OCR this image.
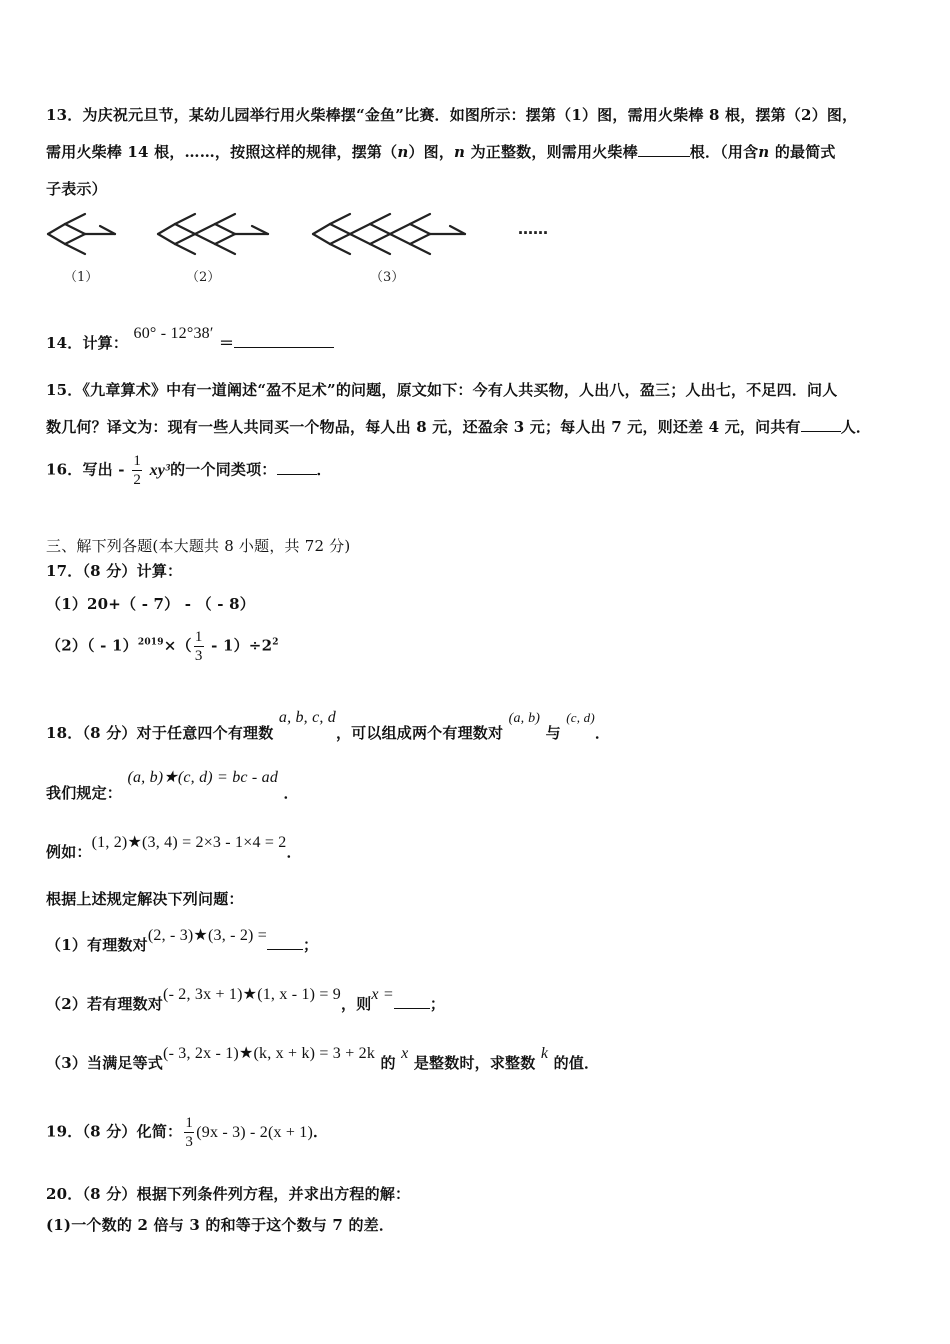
13．为庆祝元旦节，某幼儿园举行用火柴棒摆“金鱼”比赛．如图所示：摆第（1）图，需用火柴棒 8 根，摆第（2）图，
需用火柴棒 14 根，……，按照这样的规律，摆第（n）图，n 为正整数，则需用火柴棒	根．（用含n 的最简式
子表示）
（1）	（2）	（3）
……
14．计算： 60° - 12°38′ ＝
15．《九章算术》中有一道阐述“盈不足术”的问题，原文如下：今有人共买物，人出八，盈三；人出七，不足四．问人
数几何？译文为：现有一些人共同买一个物品，每人出 8 元，还盈余 3 元；每人出 7 元，则还差 4 元，问共有	人．
16．写出 - $\frac{1}{2} xy^3$的一个同类项：	．
三、解下列各题(本大题共 8 小题，共 72 分)
17．（8 分）计算：
（1）20+（ - 7） - （ - 8）
$(2)( - 1)^{2019}\times( \frac{1}{3} - 1)\div 2^2$
18．（8 分）对于任意四个有理数 a, b, c, d，可以组成两个有理数对 (a, b) 与 (c, d)．
我们规定： (a, b)★(c, d) = bc - ad ．
例如：(1, 2)★(3, 4) = 2×3 - 1×4 = 2．
根据上述规定解决下列问题：
（1）有理数对(2, - 3)★(3, - 2) =；
（2）若有理数对(- 2, 3x + 1)★(1, x - 1) = 9，则x =；
（3）当满足等式(- 3, 2x - 1)★(k, x + k) = 3 + 2k 的 x 是整数时，求整数 k 的值．
19．（8 分）化简： $\frac{1}{3} (9x - 3) - 2(x + 1)$．
20．（8 分）根据下列条件列方程，并求出方程的解：
(1)一个数的 2 倍与 3 的和等于这个数与 7 的差．
